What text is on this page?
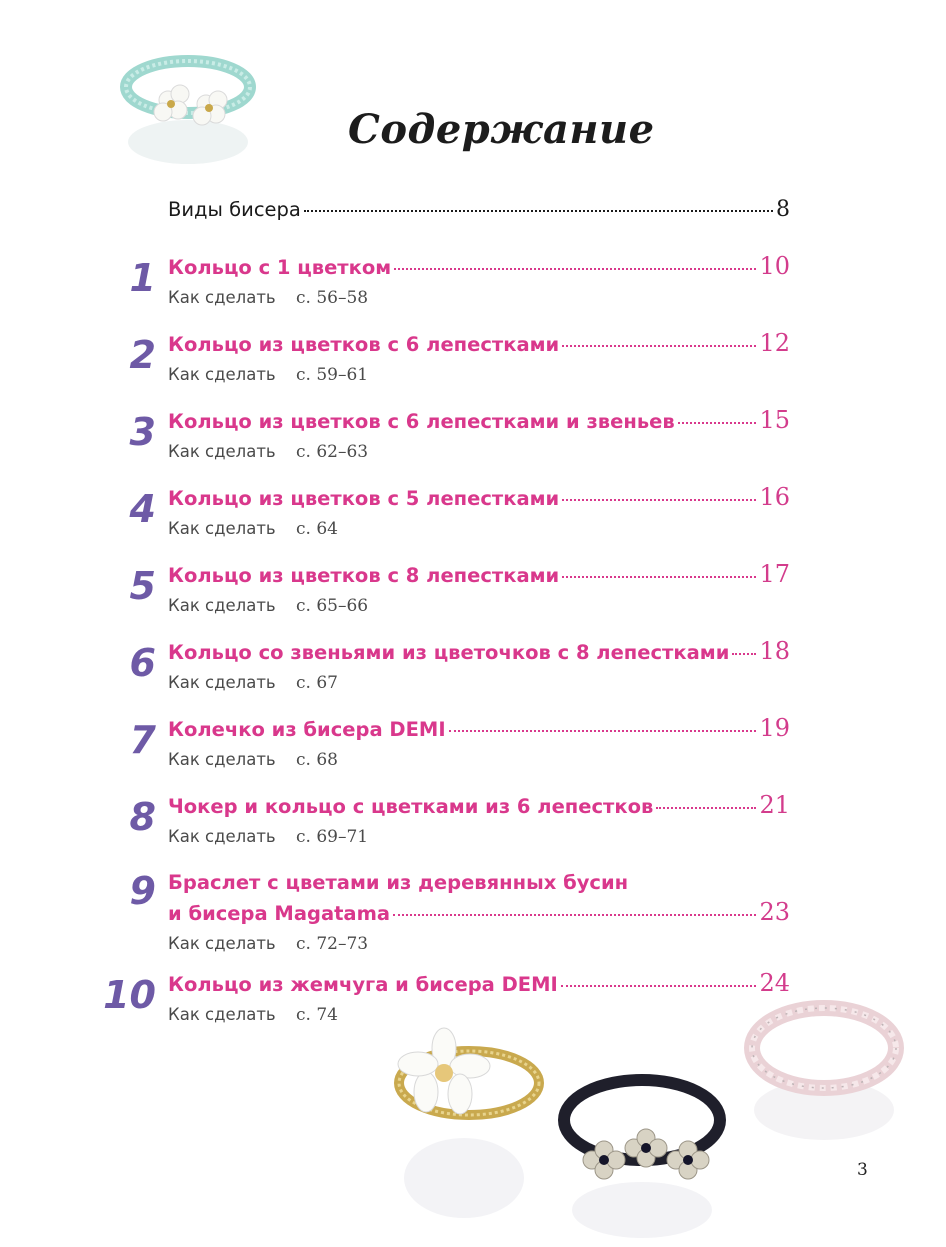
Содержание
Виды бисера	8
1 Кольцо с 1 цветком	10
Как сделать с. 56–58
2 Кольцо из цветков с 6 лепестками	12
Как сделать с. 59–61
3 Кольцо из цветков с 6 лепестками и звеньев	15
Как сделать с. 62–63
4 Кольцо из цветков с 5 лепестками	16
Как сделать с. 64
5 Кольцо из цветков с 8 лепестками	17
Как сделать с. 65–66
6 Кольцо со звеньями из цветочков с 8 лепестками 18
Как сделать с. 67
7 Колечко из бисера DEMI	19
Как сделать с. 68
8 Чокер и кольцо с цветками из 6 лепестков	21
Как сделать с. 69–71
9 Браслет с цветами из деревянных бусин
и бисера Magatama	23
Как сделать с. 72–73
10 Кольцо из жемчуга и бисера DEMI	24
Как сделать с. 74
3
